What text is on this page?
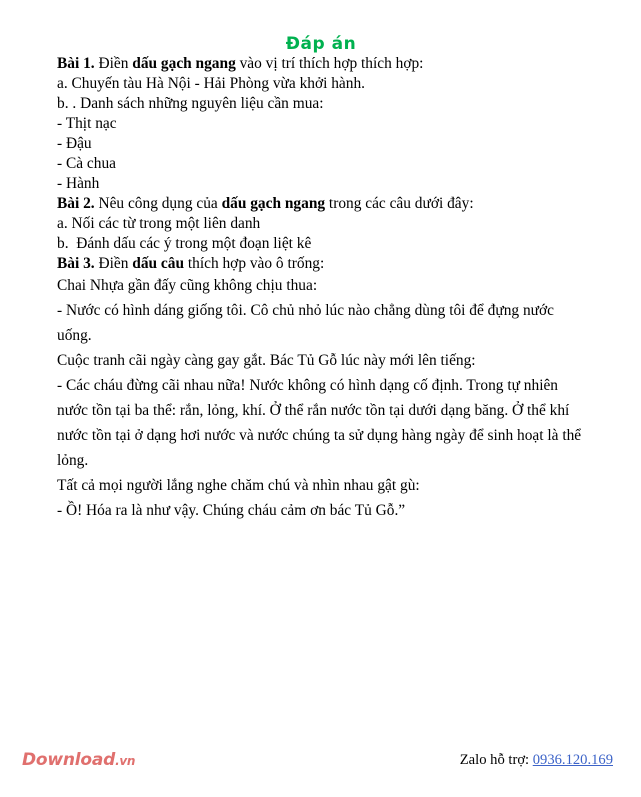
Đáp án

Bài 1. Điền dấu gạch ngang vào vị trí thích hợp thích hợp:

a. Chuyến tàu Hà Nội - Hải Phòng vừa khởi hành.

b. . Danh sách những nguyên liệu cần mua:

- Thịt nạc

- Đậu

- Cà chua

- Hành

Bài 2. Nêu công dụng của dấu gạch ngang trong các câu dưới đây:

a. Nối các từ trong một liên danh

b.  Đánh dấu các ý trong một đoạn liệt kê

Bài 3. Điền dấu câu thích hợp vào ô trống:

Chai Nhựa gần đấy cũng không chịu thua:

- Nước có hình dáng giống tôi. Cô chủ nhỏ lúc nào chẳng dùng tôi để đựng nước uống.

Cuộc tranh cãi ngày càng gay gắt. Bác Tủ Gỗ lúc này mới lên tiếng:

- Các cháu đừng cãi nhau nữa! Nước không có hình dạng cố định. Trong tự nhiên nước tồn tại ba thể: rắn, lỏng, khí. Ở thể rắn nước tồn tại dưới dạng băng. Ở thể khí nước tồn tại ở dạng hơi nước và nước chúng ta sử dụng hàng ngày để sinh hoạt là thể lỏng.

Tất cả mọi người lắng nghe chăm chú và nhìn nhau gật gù:

- Ồ! Hóa ra là như vậy. Chúng cháu cảm ơn bác Tủ Gỗ.”

Download.vn	Zalo hỗ trợ: 0936.120.169
